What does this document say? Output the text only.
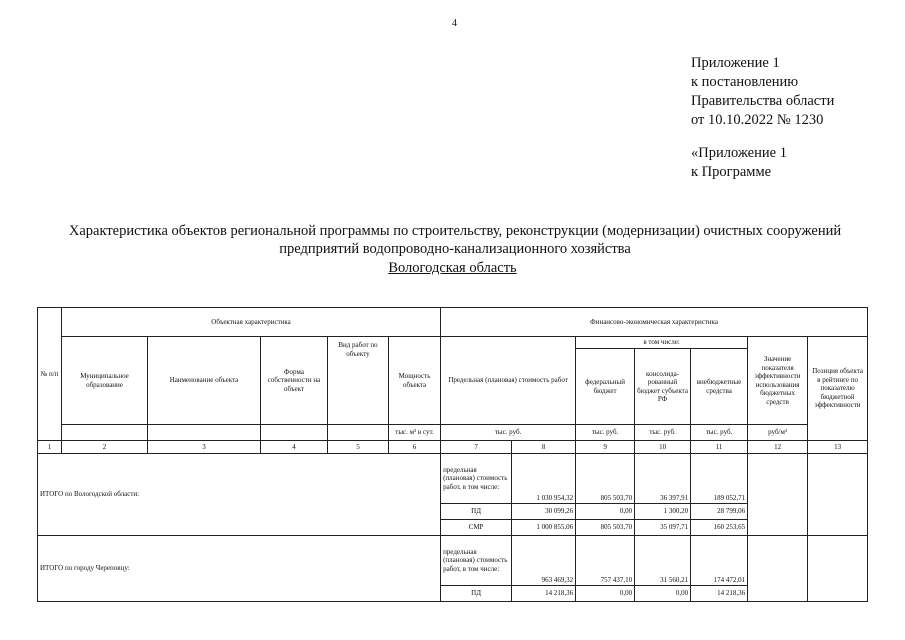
4
Приложение 1
к постановлению
Правительства области
от 10.10.2022 № 1230
«Приложение 1
к Программе
Характеристика объектов региональной программы по строительству, реконструкции (модернизации) очистных сооружений
предприятий водопроводно-канализационного хозяйства
Вологодская область
№ п/п	Объектная характеристика					Финансово-экономическая характеристика						
	Муниципальное образование	Наименование объекта	Форма собственности на объект	Вид работ по объекту	Мощность объекта	Предельная (плановая) стоимость работ		в том числе:			Значение показателя эффективности использования бюджетных средств	Позиция объекта в рейтинге по показателю бюджетной эффективности
								федеральный бюджет	консолида-рованный бюджет субъекта РФ	внебюджетные средства		
					тыс. м³ в сут.	тыс. руб.		тыс. руб.	тыс. руб.	тыс. руб.	руб/м³	
1	2	3	4	5	6	7	8	9	10	11	12	13
ИТОГО по Вологодской области:						предельная (плановая) стоимость работ, в том числе:	1 030 954,32	805 503,70	36 397,91	189 052,71		
						ПД	30 099,26	0,00	1 300,20	28 799,06		
						СМР	1 000 855,06	805 503,70	35 097,71	160 253,65		
ИТОГО по городу Череповцу:						предельная (плановая) стоимость работ, в том числе:	963 469,32	757 437,10	31 560,21	174 472,01		
						ПД	14 218,36	0,00	0,00	14 218,36		
